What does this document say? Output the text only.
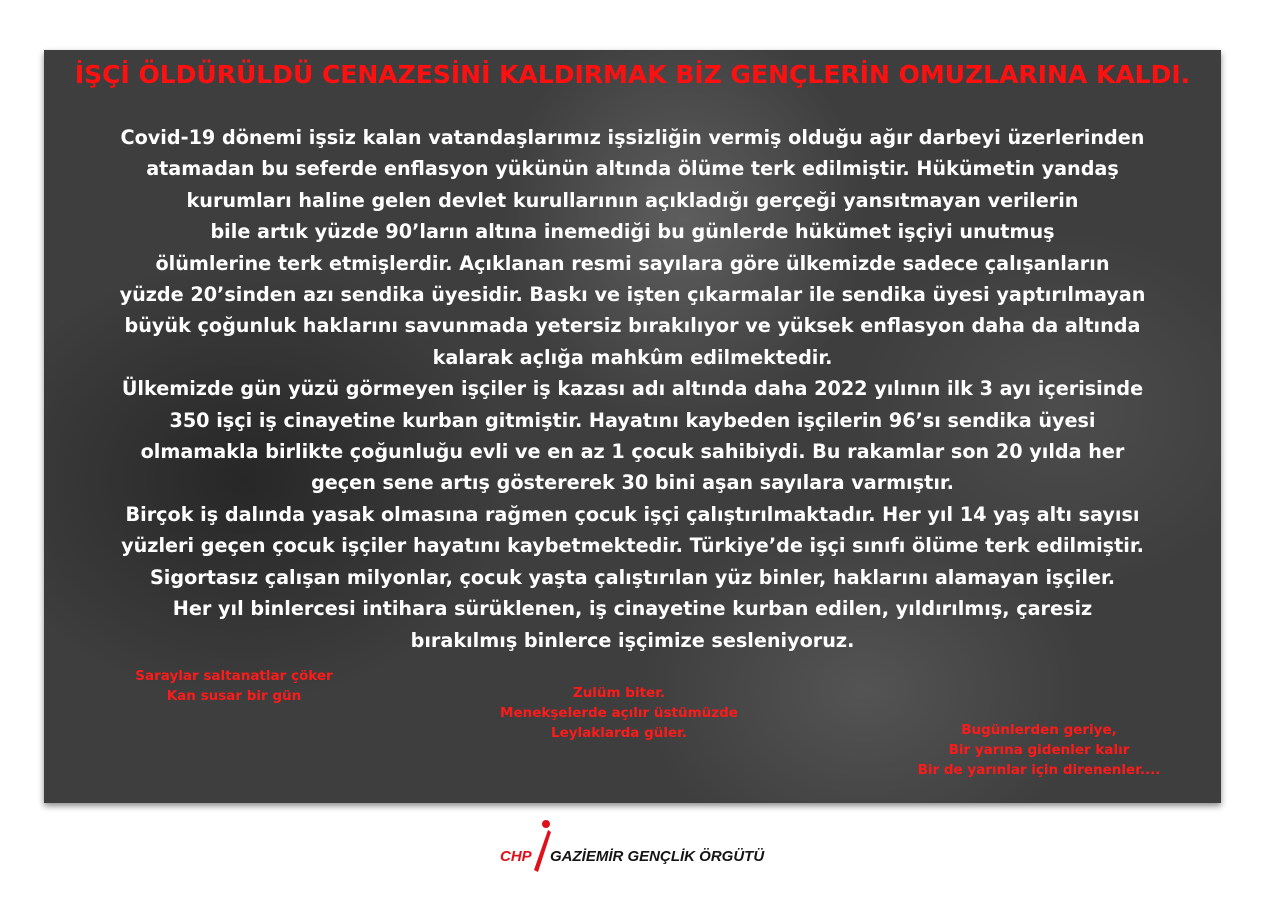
İŞÇİ ÖLDÜRÜLDÜ CENAZESİNİ KALDIRMAK BİZ GENÇLERİN OMUZLARINA KALDI.
Covid-19 dönemi işsiz kalan vatandaşlarımız işsizliğin vermiş olduğu ağır darbeyi üzerlerinden
atamadan bu seferde enflasyon yükünün altında ölüme terk edilmiştir. Hükümetin yandaş
kurumları haline gelen devlet kurullarının açıkladığı gerçeği yansıtmayan verilerin
bile artık yüzde 90’ların altına inemediği bu günlerde hükümet işçiyi unutmuş
ölümlerine terk etmişlerdir. Açıklanan resmi sayılara göre ülkemizde sadece çalışanların
yüzde 20’sinden azı sendika üyesidir. Baskı ve işten çıkarmalar ile sendika üyesi yaptırılmayan
büyük çoğunluk haklarını savunmada yetersiz bırakılıyor ve yüksek enflasyon daha da altında
kalarak açlığa mahkûm edilmektedir.
Ülkemizde gün yüzü görmeyen işçiler iş kazası adı altında daha 2022 yılının ilk 3 ayı içerisinde
350 işçi iş cinayetine kurban gitmiştir. Hayatını kaybeden işçilerin 96’sı sendika üyesi
olmamakla birlikte çoğunluğu evli ve en az 1 çocuk sahibiydi. Bu rakamlar son 20 yılda her
geçen sene artış göstererek 30 bini aşan sayılara varmıştır.
Birçok iş dalında yasak olmasına rağmen çocuk işçi çalıştırılmaktadır. Her yıl 14 yaş altı sayısı
yüzleri geçen çocuk işçiler hayatını kaybetmektedir. Türkiye’de işçi sınıfı ölüme terk edilmiştir.
Sigortasız çalışan milyonlar, çocuk yaşta çalıştırılan yüz binler, haklarını alamayan işçiler.
Her yıl binlercesi intihara sürüklenen, iş cinayetine kurban edilen, yıldırılmış, çaresiz
bırakılmış binlerce işçimize sesleniyoruz.
Saraylar saltanatlar çöker
Kan susar bir gün	Zulüm biter.
Menekşelerde açılır üstümüzde
Leylaklarda güler.	Bugünlerden geriye,
Bir yarına gidenler kalır
Bir de yarınlar için direnenler....
CHP GAZİEMİR GENÇLİK ÖRGÜTÜ
